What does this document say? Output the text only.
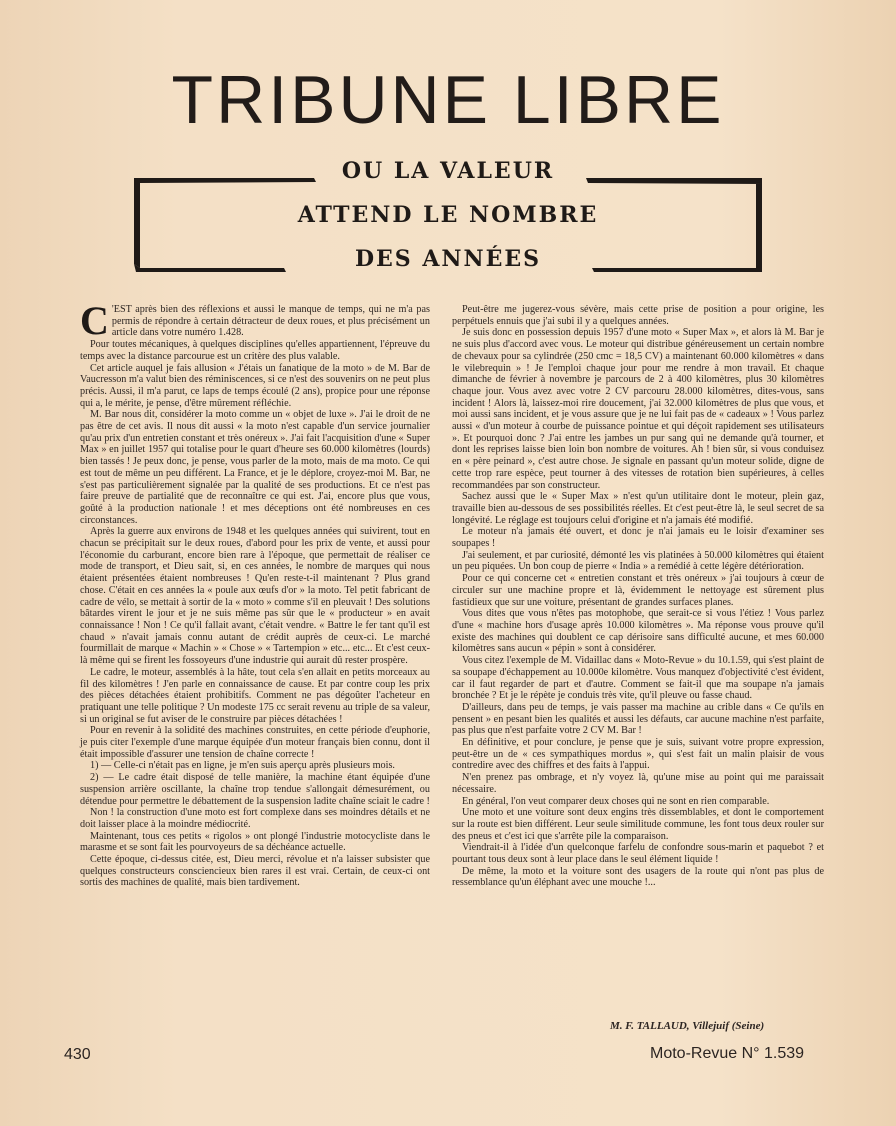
TRIBUNE LIBRE
OU LA VALEUR
ATTEND LE NOMBRE
DES ANNÉES

C 'EST après bien des réflexions et aussi le manque de temps, qui ne m'a pas permis de répondre à certain détracteur de deux roues, et plus précisément un article dans votre numéro 1.428.

Pour toutes mécaniques, à quelques disciplines qu'elles appartiennent, l'épreuve du temps avec la distance parcourue est un critère des plus valable.

Cet article auquel je fais allusion « J'étais un fanatique de la moto » de M. Bar de Vaucresson m'a valut bien des réminiscences, si ce n'est des souvenirs on ne peut plus précis. Aussi, il m'a parut, ce laps de temps écoulé (2 ans), propice pour une réponse qui a, le mérite, je pense, d'être mûrement réfléchie.

M. Bar nous dit, considérer la moto comme un « objet de luxe ». J'ai le droit de ne pas être de cet avis. Il nous dit aussi « la moto n'est capable d'un service journalier qu'au prix d'un entretien constant et très onéreux ». J'ai fait l'acquisition d'une « Super Max » en juillet 1957 qui totalise pour le quart d'heure ses 60.000 kilomètres (lourds) bien tassés ! Je peux donc, je pense, vous parler de la moto, mais de ma moto. Ce qui est tout de même un peu différent. La France, et je le déplore, croyez-moi M. Bar, ne s'est pas particulièrement signalée par la qualité de ses productions. Et ce n'est pas faire preuve de partialité que de reconnaître ce qui est. J'ai, encore plus que vous, goûté à la production nationale ! et mes déceptions ont été nombreuses en ces circonstances.

Après la guerre aux environs de 1948 et les quelques années qui suivirent, tout en chacun se précipitait sur le deux roues, d'abord pour les prix de vente, et aussi pour l'économie du carburant, encore bien rare à l'époque, que permettait de réaliser ce mode de transport, et Dieu sait, si, en ces années, le nombre de marques qui nous étaient présentées étaient nombreuses ! Qu'en reste-t-il maintenant ? Plus grand chose. C'était en ces années la « poule aux œufs d'or » la moto. Tel petit fabricant de cadre de vélo, se mettait à sortir de la « moto » comme s'il en pleuvait ! Des solutions bâtardes virent le jour et je ne suis même pas sûr que le « producteur » en avait connaissance ! Non ! Ce qu'il fallait avant, c'était vendre. « Battre le fer tant qu'il est chaud » n'avait jamais connu autant de crédit auprès de ceux-ci. Le marché fourmillait de marque « Machin » « Chose » « Tartempion » etc... etc... Et c'est ceux-là même qui se firent les fossoyeurs d'une industrie qui aurait dû rester prospère.

Le cadre, le moteur, assemblés à la hâte, tout cela s'en allait en petits morceaux au fil des kilomètres ! J'en parle en connaissance de cause. Et par contre coup les prix des pièces détachées étaient prohibitifs. Comment ne pas dégoûter l'acheteur en pratiquant une telle politique ? Un modeste 175 cc serait revenu au triple de sa valeur, si un original se fut aviser de le construire par pièces détachées !

Pour en revenir à la solidité des machines construites, en cette période d'euphorie, je puis citer l'exemple d'une marque équipée d'un moteur français bien connu, dont il était impossible d'assurer une tension de chaîne correcte !

1) — Celle-ci n'était pas en ligne, je m'en suis aperçu après plusieurs mois.

2) — Le cadre était disposé de telle manière, la machine étant équipée d'une suspension arrière oscillante, la chaîne trop tendue s'allongait démesurément, ou détendue pour permettre le débattement de la suspension ladite chaîne sciait le cadre !

Non ! la construction d'une moto est fort complexe dans ses moindres détails et ne doit laisser place à la moindre médiocrité.

Maintenant, tous ces petits « rigolos » ont plongé l'industrie motocycliste dans le marasme et se sont fait les pourvoyeurs de sa déchéance actuelle.

Cette époque, ci-dessus citée, est, Dieu merci, révolue et n'a laisser subsister que quelques constructeurs consciencieux bien rares il est vrai. Certain, de ceux-ci ont sortis des machines de qualité, mais bien tardivement.

Peut-être me jugerez-vous sévère, mais cette prise de position a pour origine, les perpétuels ennuis que j'ai subi il y a quelques années.

Je suis donc en possession depuis 1957 d'une moto « Super Max », et alors là M. Bar je ne suis plus d'accord avec vous. Le moteur qui distribue généreusement un certain nombre de chevaux pour sa cylindrée (250 cmc = 18,5 CV) a maintenant 60.000 kilomètres « dans le vilebrequin » ! Je l'emploi chaque jour pour me rendre à mon travail. Et chaque dimanche de février à novembre je parcours de 2 à 400 kilomètres, plus 30 kilomètres chaque jour. Vous avez avec votre 2 CV parcouru 28.000 kilomètres, dites-vous, sans incident ! Alors là, laissez-moi rire doucement, j'ai 32.000 kilomètres de plus que vous, et moi aussi sans incident, et je vous assure que je ne lui fait pas de « cadeaux » ! Vous parlez aussi « d'un moteur à courbe de puissance pointue et qui déçoit rapidement ses utilisateurs ». Et pourquoi donc ? J'ai entre les jambes un pur sang qui ne demande qu'à tourner, et dont les reprises laisse bien loin bon nombre de voitures. Ah ! bien sûr, si vous conduisez en « père peinard », c'est autre chose. Je signale en passant qu'un moteur solide, digne de cette trop rare espèce, peut tourner à des vitesses de rotation bien supérieures, à celles recommandées par son constructeur.

Sachez aussi que le « Super Max » n'est qu'un utilitaire dont le moteur, plein gaz, travaille bien au-dessous de ses possibilités réelles. Et c'est peut-être là, le seul secret de sa longévité. Le réglage est toujours celui d'origine et n'a jamais été modifié.

Le moteur n'a jamais été ouvert, et donc je n'ai jamais eu le loisir d'examiner ses soupapes !

J'ai seulement, et par curiosité, démonté les vis platinées à 50.000 kilomètres qui étaient un peu piquées. Un bon coup de pierre « India » a remédié à cette légère détérioration.

Pour ce qui concerne cet « entretien constant et très onéreux » j'ai toujours à cœur de circuler sur une machine propre et là, évidemment le nettoyage est sûrement plus fastidieux que sur une voiture, présentant de grandes surfaces planes.

Vous dites que vous n'êtes pas motophobe, que serait-ce si vous l'étiez ! Vous parlez d'une « machine hors d'usage après 10.000 kilomètres ». Ma réponse vous prouve qu'il existe des machines qui doublent ce cap dérisoire sans difficulté aucune, et mes 60.000 kilomètres sans aucun « pépin » sont à considérer.

Vous citez l'exemple de M. Vidaillac dans « Moto-Revue » du 10.1.59, qui s'est plaint de sa soupape d'échappement au 10.000e kilomètre. Vous manquez d'objectivité c'est évident, car il faut regarder de part et d'autre. Comment se fait-il que ma soupape n'a jamais bronchée ? Et je le répète je conduis très vite, qu'il pleuve ou fasse chaud.

D'ailleurs, dans peu de temps, je vais passer ma machine au crible dans « Ce qu'ils en pensent » en pesant bien les qualités et aussi les défauts, car aucune machine n'est parfaite, pas plus que n'est parfaite votre 2 CV M. Bar !

En définitive, et pour conclure, je pense que je suis, suivant votre propre expression, peut-être un de « ces sympathiques mordus », qui s'est fait un malin plaisir de vous contredire avec des chiffres et des faits à l'appui.

N'en prenez pas ombrage, et n'y voyez là, qu'une mise au point qui me paraissait nécessaire.

En général, l'on veut comparer deux choses qui ne sont en rien comparable.

Une moto et une voiture sont deux engins très dissemblables, et dont le comportement sur la route est bien différent. Leur seule similitude commune, les font tous deux rouler sur des pneus et c'est ici que s'arrête pile la comparaison.

Viendrait-il à l'idée d'un quelconque farfelu de confondre sous-marin et paquebot ? et pourtant tous deux sont à leur place dans le seul élément liquide !

De même, la moto et la voiture sont des usagers de la route qui n'ont pas plus de ressemblance qu'un éléphant avec une mouche !...

M. F. TALLAUD, Villejuif (Seine)
430	Moto-Revue N° 1.539
